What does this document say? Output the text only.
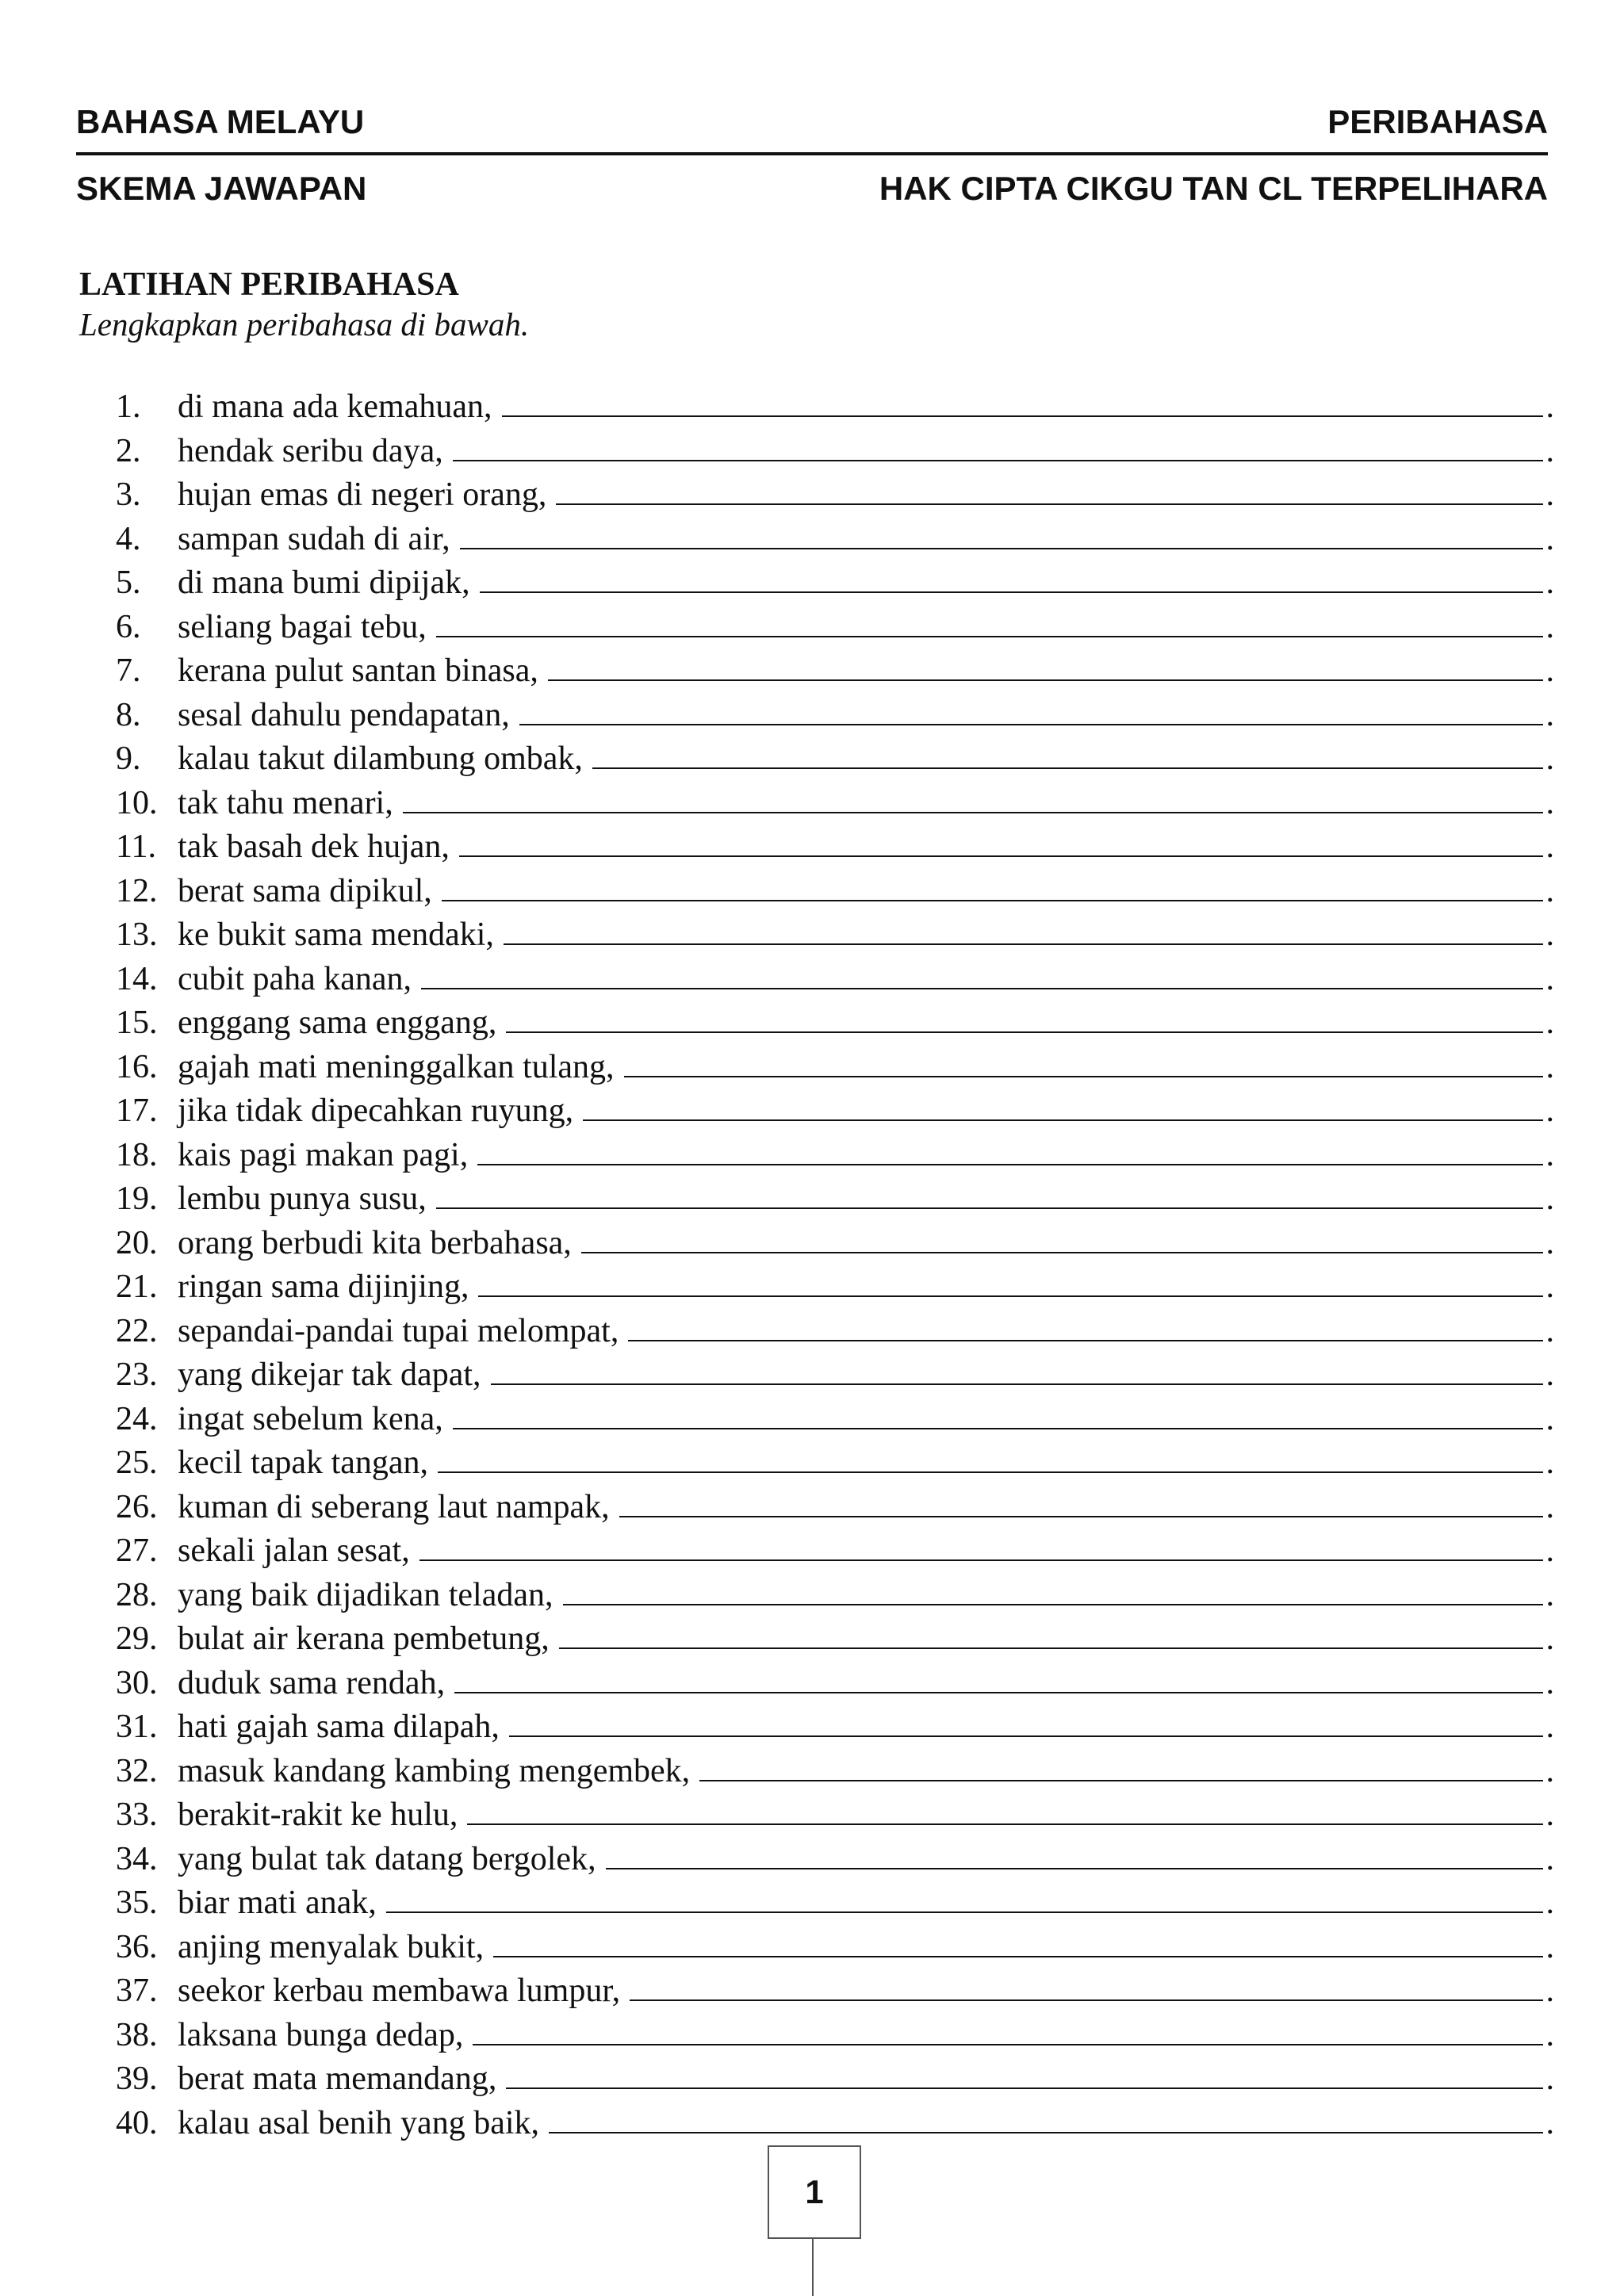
BAHASA MELAYU	PERIBAHASA
SKEMA JAWAPAN	HAK CIPTA CIKGU TAN CL TERPELIHARA
LATIHAN PERIBAHASA
Lengkapkan peribahasa di bawah.
1.	di mana ada kemahuan,	.
2.	hendak seribu daya,	.
3.	hujan emas di negeri orang,	.
4.	sampan sudah di air,	.
5.	di mana bumi dipijak,	.
6.	seliang bagai tebu,	.
7.	kerana pulut santan binasa,	.
8.	sesal dahulu pendapatan,	.
9.	kalau takut dilambung ombak,	.
10. tak tahu menari,	.
11. tak basah dek hujan,	.
12. berat sama dipikul,	.
13. ke bukit sama mendaki,	.
14. cubit paha kanan,	.
15. enggang sama enggang,	.
16. gajah mati meninggalkan tulang,	.
17. jika tidak dipecahkan ruyung,	.
18. kais pagi makan pagi,	.
19. lembu punya susu,	.
20. orang berbudi kita berbahasa,	.
21. ringan sama dijinjing,	.
22. sepandai-pandai tupai melompat,	.
23. yang dikejar tak dapat,	.
24. ingat sebelum kena,	.
25. kecil tapak tangan,	.
26. kuman di seberang laut nampak,	.
27. sekali jalan sesat,	.
28. yang baik dijadikan teladan,	.
29. bulat air kerana pembetung,	.
30. duduk sama rendah,	.
31. hati gajah sama dilapah,	.
32. masuk kandang kambing mengembek,	.
33. berakit-rakit ke hulu,	.
34. yang bulat tak datang bergolek,	.
35. biar mati anak,	.
36. anjing menyalak bukit,	.
37. seekor kerbau membawa lumpur,	.
38. laksana bunga dedap,	.
39. berat mata memandang,	.
40. kalau asal benih yang baik,	.
1
